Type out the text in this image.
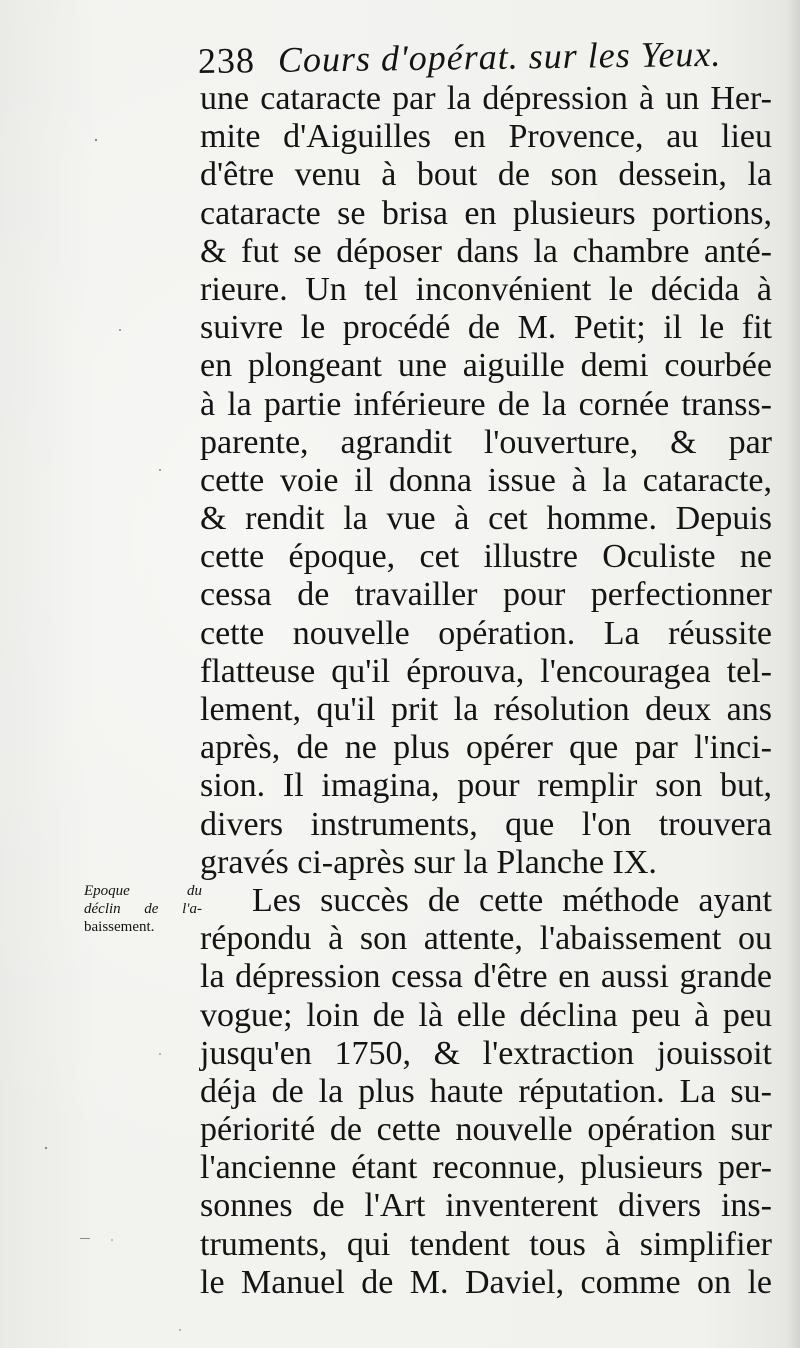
238 Cours d'opérat. sur les Yeux.
une cataracte par la dépression à un Her-
mite d'Aiguilles en Provence, au lieu
d'être venu à bout de son dessein, la
cataracte se brisa en plusieurs portions,
& fut se déposer dans la chambre anté-
rieure. Un tel inconvénient le décida à
suivre le procédé de M. Petit; il le fit
en plongeant une aiguille demi courbée
à la partie inférieure de la cornée transs-
parente, agrandit l'ouverture, & par
cette voie il donna issue à la cataracte,
& rendit la vue à cet homme. Depuis
cette époque, cet illustre Oculiste ne
cessa de travailler pour perfectionner
cette nouvelle opération. La réussite
flatteuse qu'il éprouva, l'encouragea tel-
lement, qu'il prit la résolution deux ans
après, de ne plus opérer que par l'inci-
sion. Il imagina, pour remplir son but,
divers instruments, que l'on trouvera
gravés ci-après sur la Planche IX.
Les succès de cette méthode ayant
répondu à son attente, l'abaissement ou
la dépression cessa d'être en aussi grande
vogue; loin de là elle déclina peu à peu
jusqu'en 1750, & l'extraction jouissoit
déja de la plus haute réputation. La su-
périorité de cette nouvelle opération sur
l'ancienne étant reconnue, plusieurs per-
sonnes de l'Art inventerent divers ins-
truments, qui tendent tous à simplifier
le Manuel de M. Daviel, comme on le
Epoque du
déclin de l'a-
baissement.
